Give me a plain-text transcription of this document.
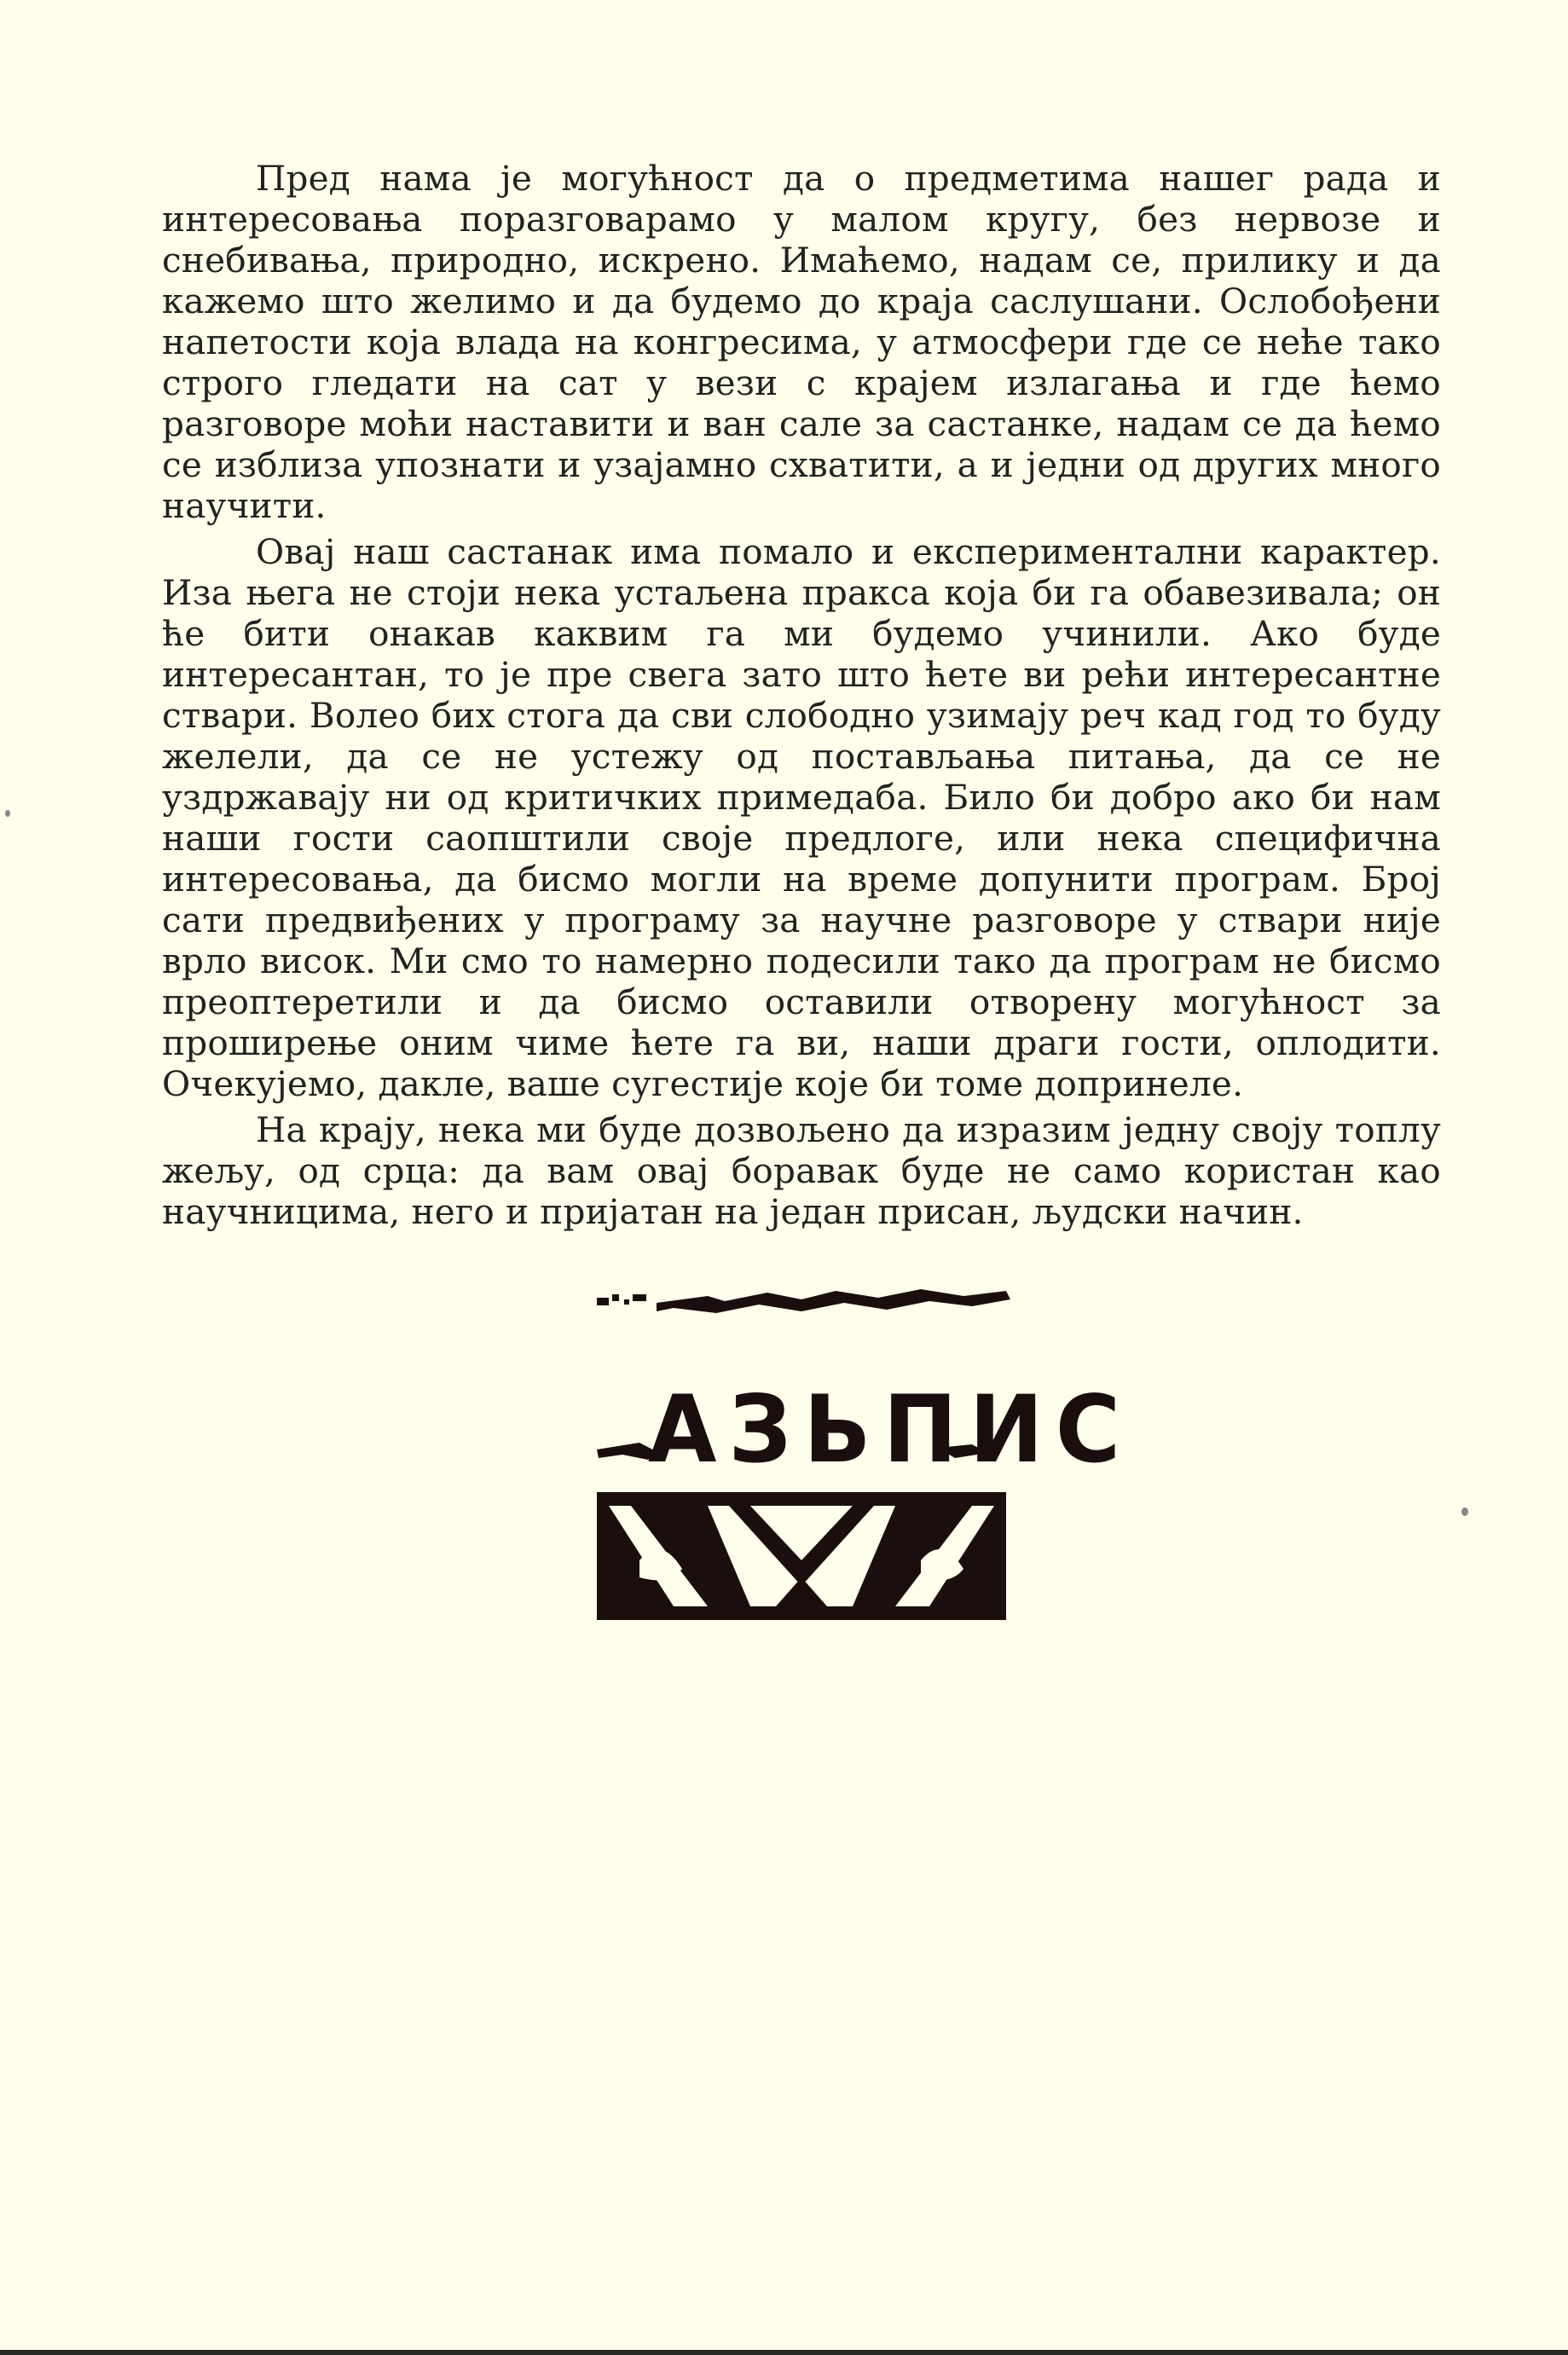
Пред нама је могућност да о предметима нашег рада и интересовања поразговарамо у малом кругу, без нервозе и снебивања, природно, искрено. Имаћемо, надам се, прилику и да кажемо што желимо и да будемо до краја саслушани. Ослобођени напетости која влада на конгресима, у атмосфери где се неће тако строго гледати на сат у вези с крајем излагања и где ћемо разговоре моћи наставити и ван сале за састанке, надам се да ћемо се изблиза упознати и узајамно схватити, а и једни од других много научити.

Овај наш састанак има помало и експериментални карактер. Иза њега не стоји нека устаљена пракса која би га обавезивала; он ће бити онакав каквим га ми будемо учинили. Ако буде интересантан, то је пре свега зато што ћете ви рећи интересантне ствари. Волео бих стога да сви слободно узимају реч кад год то буду желели, да се не устежу од постављања питања, да се не уздржавају ни од критичких примедаба. Било би добро ако би нам наши гости саопштили своје предлоге, или нека специфична интересовања, да бисмо могли на време допунити програм. Број сати предвиђених у програму за научне разговоре у ствари није врло висок. Ми смо то намерно подесили тако да програм не бисмо преоптеретили и да бисмо оставили отворену могућност за проширење оним чиме ћете га ви, наши драги гости, оплодити. Очекујемо, дакле, ваше сугестије које би томе допринеле.

На крају, нека ми буде дозвољено да изразим једну своју топлу жељу, од срца: да вам овај боравак буде не само користан као научницима, него и пријатан на један присан, људски начин.

АЗЬПИС
